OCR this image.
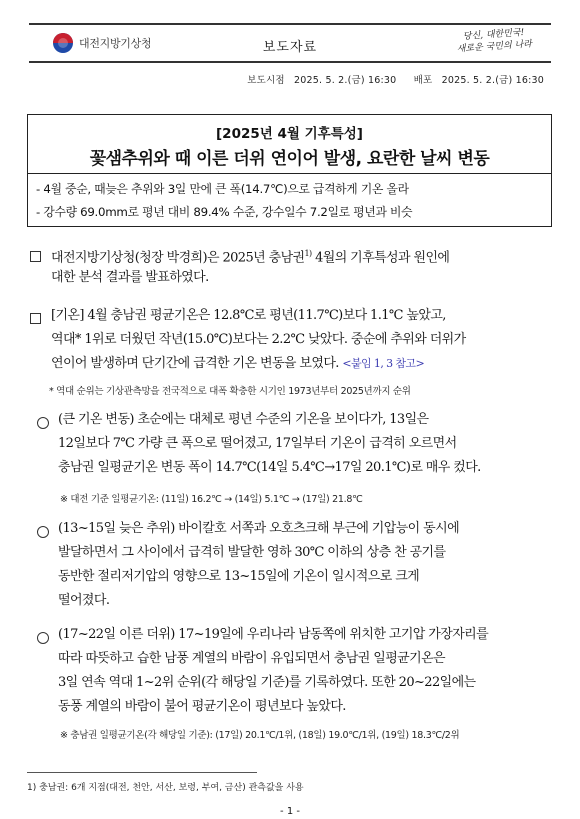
대전지방기상청	보도자료
당신, 대한민국!
새로운 국민의 나라
보도시점 2025. 5. 2.(금) 16:30 배포 2025. 5. 2.(금) 16:30
[2025년 4월 기후특성]
꽃샘추위와 때 이른 더위 연이어 발생, 요란한 날씨 변동
- 4월 중순, 때늦은 추위와 3일 만에 큰 폭(14.7℃)으로 급격하게 기온 올라
- 강수량 69.0mm로 평년 대비 89.4% 수준, 강수일수 7.2일로 평년과 비슷
대전지방기상청(청장 박경희)은 2025년 충남권$^{1)}$ 4월의 기후특성과 원인에
대한 분석 결과를 발표하였다.
[기온] 4월 충남권 평균기온은 12.8℃로 평년(11.7℃)보다 1.1℃ 높았고,
역대* 1위로 더웠던 작년(15.0℃)보다는 2.2℃ 낮았다. 중순에 추위와 더위가
연이어 발생하며 단기간에 급격한 기온 변동을 보였다. <붙임 1, 3 참고>
* 역대 순위는 기상관측망을 전국적으로 대폭 확충한 시기인 1973년부터 2025년까지 순위
(큰 기온 변동) 초순에는 대체로 평년 수준의 기온을 보이다가, 13일은
12일보다 7℃ 가량 큰 폭으로 떨어졌고, 17일부터 기온이 급격히 오르면서
충남권 일평균기온 변동 폭이 14.7℃(14일 5.4℃→17일 20.1℃)로 매우 컸다.
※ 대전 기준 일평균기온: (11일) 16.2℃ → (14일) 5.1℃ → (17일) 21.8℃
(13~15일 늦은 추위) 바이칼호 서쪽과 오호츠크해 부근에 기압능이 동시에
발달하면서 그 사이에서 급격히 발달한 영하 30℃ 이하의 상층 찬 공기를
동반한 절리저기압의 영향으로 13~15일에 기온이 일시적으로 크게
떨어졌다.
(17~22일 이른 더위) 17~19일에 우리나라 남동쪽에 위치한 고기압 가장자리를
따라 따뜻하고 습한 남풍 계열의 바람이 유입되면서 충남권 일평균기온은
3일 연속 역대 1~2위 순위(각 해당일 기준)를 기록하였다. 또한 20~22일에는
동풍 계열의 바람이 불어 평균기온이 평년보다 높았다.
※ 충남권 일평균기온(각 해당일 기준): (17일) 20.1℃/1위, (18일) 19.0℃/1위, (19일) 18.3℃/2위
1) 충남권: 6개 지점(대전, 천안, 서산, 보령, 부여, 금산) 관측값을 사용
- 1 -
